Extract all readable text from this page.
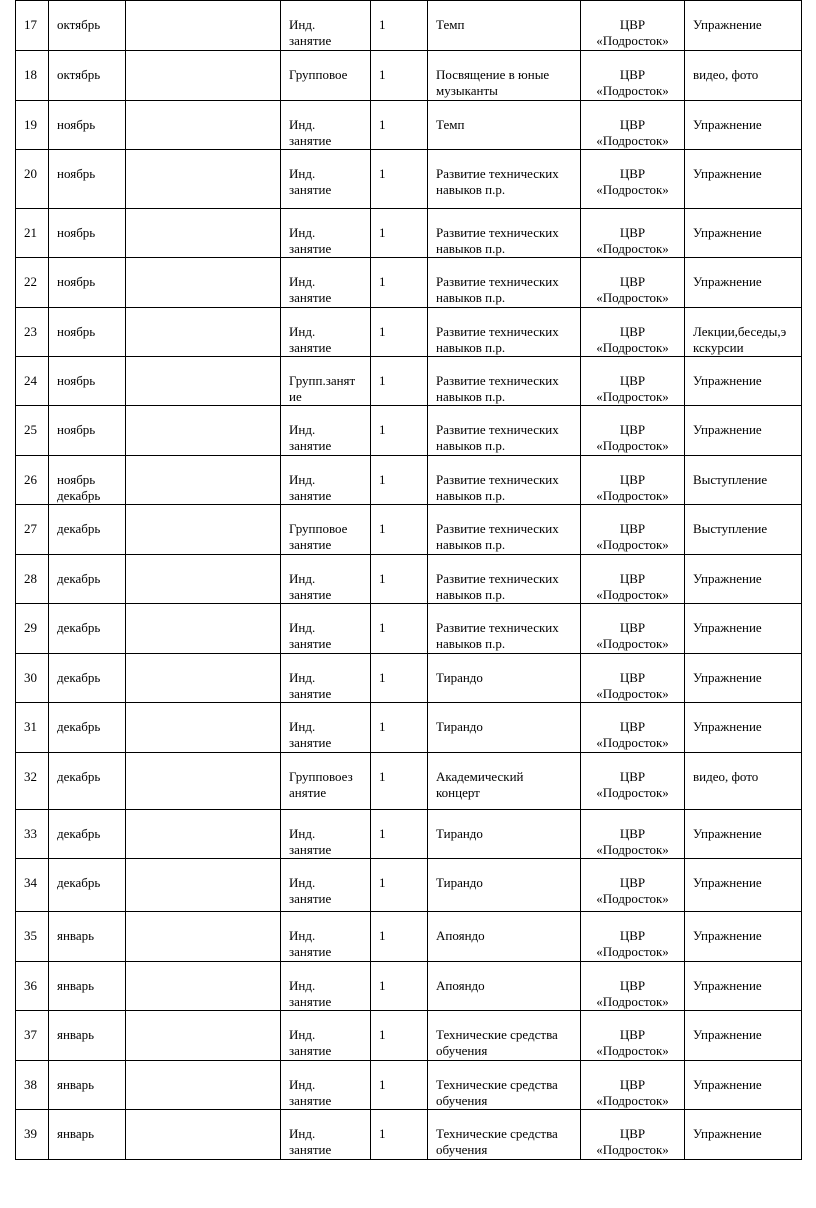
17	октябрь		Инд.
занятие	1	Темп	ЦВР
«Подросток»	Упражнение

18	октябрь		Групповое	1	Посвящение в юные
музыканты	ЦВР
«Подросток»	видео, фото

19	ноябрь		Инд.
занятие	1	Темп	ЦВР
«Подросток»	Упражнение

20	ноябрь		Инд.
занятие	1	Развитие технических
навыков п.р.	ЦВР
«Подросток»	Упражнение

21	ноябрь		Инд.
занятие	1	Развитие технических
навыков п.р.	ЦВР
«Подросток»	Упражнение

22	ноябрь		Инд.
занятие	1	Развитие технических
навыков п.р.	ЦВР
«Подросток»	Упражнение

23	ноябрь		Инд.
занятие	1	Развитие технических
навыков п.р.	ЦВР
«Подросток»	Лекции,беседы,э
кскурсии

24	ноябрь		Групп.занят
ие	1	Развитие технических
навыков п.р.	ЦВР
«Подросток»	Упражнение

25	ноябрь		Инд.
занятие	1	Развитие технических
навыков п.р.	ЦВР
«Подросток»	Упражнение

26	ноябрь
декабрь		Инд.
занятие	1	Развитие технических
навыков п.р.	ЦВР
«Подросток»	Выступление

27	декабрь		Групповое
занятие	1	Развитие технических
навыков п.р.	ЦВР
«Подросток»	Выступление

28	декабрь		Инд.
занятие	1	Развитие технических
навыков п.р.	ЦВР
«Подросток»	Упражнение

29	декабрь		Инд.
занятие	1	Развитие технических
навыков п.р.	ЦВР
«Подросток»	Упражнение

30	декабрь		Инд.
занятие	1	Тирандо	ЦВР
«Подросток»	Упражнение

31	декабрь		Инд.
занятие	1	Тирандо	ЦВР
«Подросток»	Упражнение

32	декабрь		Групповоез
анятие	1	Академический
концерт	ЦВР
«Подросток»	видео, фото

33	декабрь		Инд.
занятие	1	Тирандо	ЦВР
«Подросток»	Упражнение

34	декабрь		Инд.
занятие	1	Тирандо	ЦВР
«Подросток»	Упражнение

35	январь		Инд.
занятие	1	Апояндо	ЦВР
«Подросток»	Упражнение

36	январь		Инд.
занятие	1	Апояндо	ЦВР
«Подросток»	Упражнение

37	январь		Инд.
занятие	1	Технические средства
обучения	ЦВР
«Подросток»	Упражнение

38	январь		Инд.
занятие	1	Технические средства
обучения	ЦВР
«Подросток»	Упражнение

39	январь		Инд.
занятие	1	Технические средства
обучения	ЦВР
«Подросток»	Упражнение
